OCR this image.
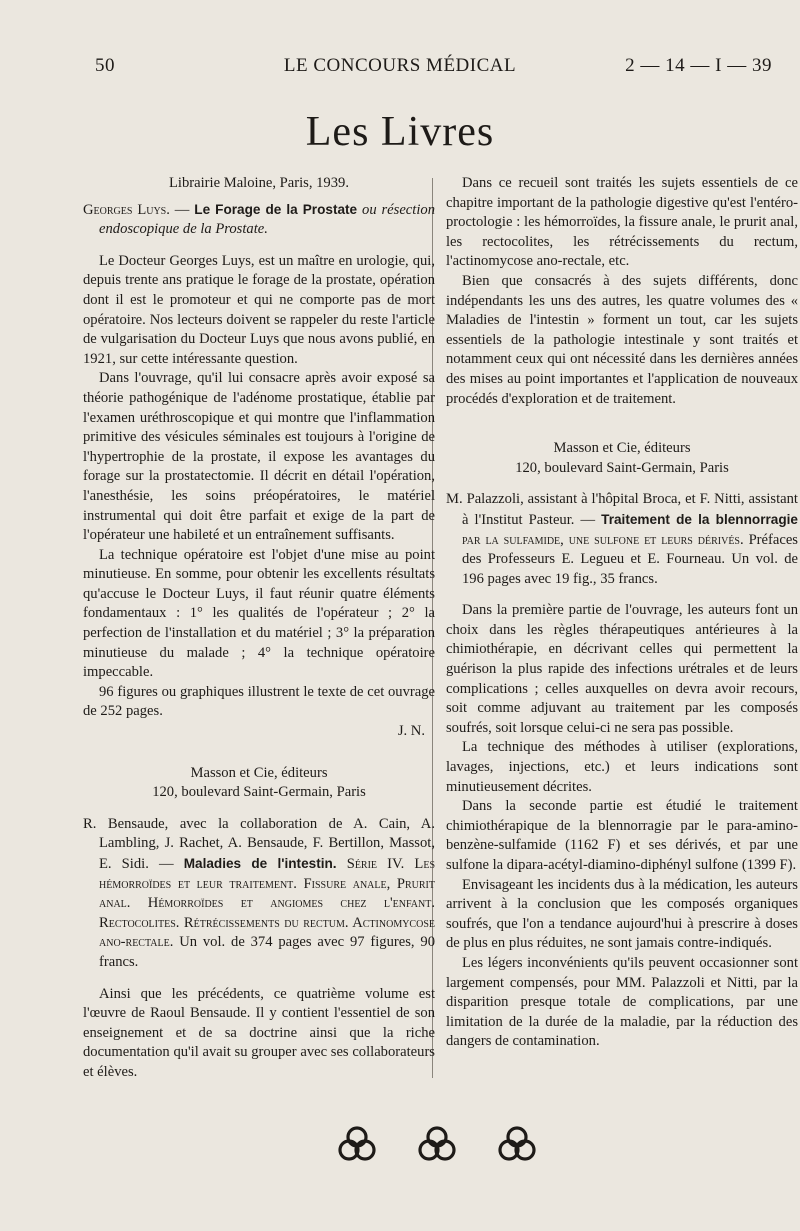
50	LE CONCOURS MÉDICAL	2 — 14 — I — 39
Les Livres

Librairie Maloine, Paris, 1939.

Georges Luys. — Le Forage de la Prostate ou résection endoscopique de la Prostate.

Le Docteur Georges Luys, est un maître en urologie, qui, depuis trente ans pratique le forage de la prostate, opération dont il est le promoteur et qui ne comporte pas de mort opératoire. Nos lecteurs doivent se rappeler du reste l'article de vulgarisation du Docteur Luys que nous avons publié, en 1921, sur cette intéressante question.

Dans l'ouvrage, qu'il lui consacre après avoir exposé sa théorie pathogénique de l'adénome prostatique, établie par l'examen uréthroscopique et qui montre que l'inflammation primitive des vésicules séminales est toujours à l'origine de l'hypertrophie de la prostate, il expose les avantages du forage sur la prostatectomie. Il décrit en détail l'opération, l'anesthésie, les soins préopératoires, le matériel instrumental qui doit être parfait et exige de la part de l'opérateur une habileté et un entraînement suffisants.

La technique opératoire est l'objet d'une mise au point minutieuse. En somme, pour obtenir les excellents résultats qu'accuse le Docteur Luys, il faut réunir quatre éléments fondamentaux : 1° les qualités de l'opérateur ; 2° la perfection de l'installation et du matériel ; 3° la préparation minutieuse du malade ; 4° la technique opératoire impeccable.

96 figures ou graphiques illustrent le texte de cet ouvrage de 252 pages.

J. N.

Masson et Cie, éditeurs

120, boulevard Saint-Germain, Paris

R. Bensaude, avec la collaboration de A. Cain, A. Lambling, J. Rachet, A. Bensaude, F. Bertillon, Massot, E. Sidi. — Maladies de l'intestin. Série IV. Les hémorroïdes et leur traitement. Fissure anale, Prurit anal. Hémorroïdes et angiomes chez l'enfant. Rectocolites. Rétrécissements du rectum. Actinomycose ano-rectale. Un vol. de 374 pages avec 97 figures, 90 francs.

Ainsi que les précédents, ce quatrième volume est l'œuvre de Raoul Bensaude. Il y contient l'essentiel de son enseignement et de sa doctrine ainsi que la riche documentation qu'il avait su grouper avec ses collaborateurs et élèves.

Dans ce recueil sont traités les sujets essentiels de ce chapitre important de la pathologie digestive qu'est l'entéro-proctologie : les hémorroïdes, la fissure anale, le prurit anal, les rectocolites, les rétrécissements du rectum, l'actinomycose ano-rectale, etc.

Bien que consacrés à des sujets différents, donc indépendants les uns des autres, les quatre volumes des « Maladies de l'intestin » forment un tout, car les sujets essentiels de la pathologie intestinale y sont traités et notamment ceux qui ont nécessité dans les dernières années des mises au point importantes et l'application de nouveaux procédés d'exploration et de traitement.

Masson et Cie, éditeurs

120, boulevard Saint-Germain, Paris

M. Palazzoli, assistant à l'hôpital Broca, et F. Nitti, assistant à l'Institut Pasteur. — Traitement de la blennorragie par la sulfamide, une sulfone et leurs dérivés. Préfaces des Professeurs E. Legueu et E. Fourneau. Un vol. de 196 pages avec 19 fig., 35 francs.

Dans la première partie de l'ouvrage, les auteurs font un choix dans les règles thérapeutiques antérieures à la chimiothérapie, en décrivant celles qui permettent la guérison la plus rapide des infections urétrales et de leurs complications ; celles auxquelles on devra avoir recours, soit comme adjuvant au traitement par les composés soufrés, soit lorsque celui-ci ne sera pas possible.

La technique des méthodes à utiliser (explorations, lavages, injections, etc.) et leurs indications sont minutieusement décrites.

Dans la seconde partie est étudié le traitement chimiothérapique de la blennorragie par le para-amino-benzène-sulfamide (1162 F) et ses dérivés, et par une sulfone la dipara-acétyl-diamino-diphényl sulfone (1399 F).

Envisageant les incidents dus à la médication, les auteurs arrivent à la conclusion que les composés organiques soufrés, que l'on a tendance aujourd'hui à prescrire à doses de plus en plus réduites, ne sont jamais contre-indiqués.

Les légers inconvénients qu'ils peuvent occasionner sont largement compensés, pour MM. Palazzoli et Nitti, par la disparition presque totale de complications, par une limitation de la durée de la maladie, par la réduction des dangers de contamination.
